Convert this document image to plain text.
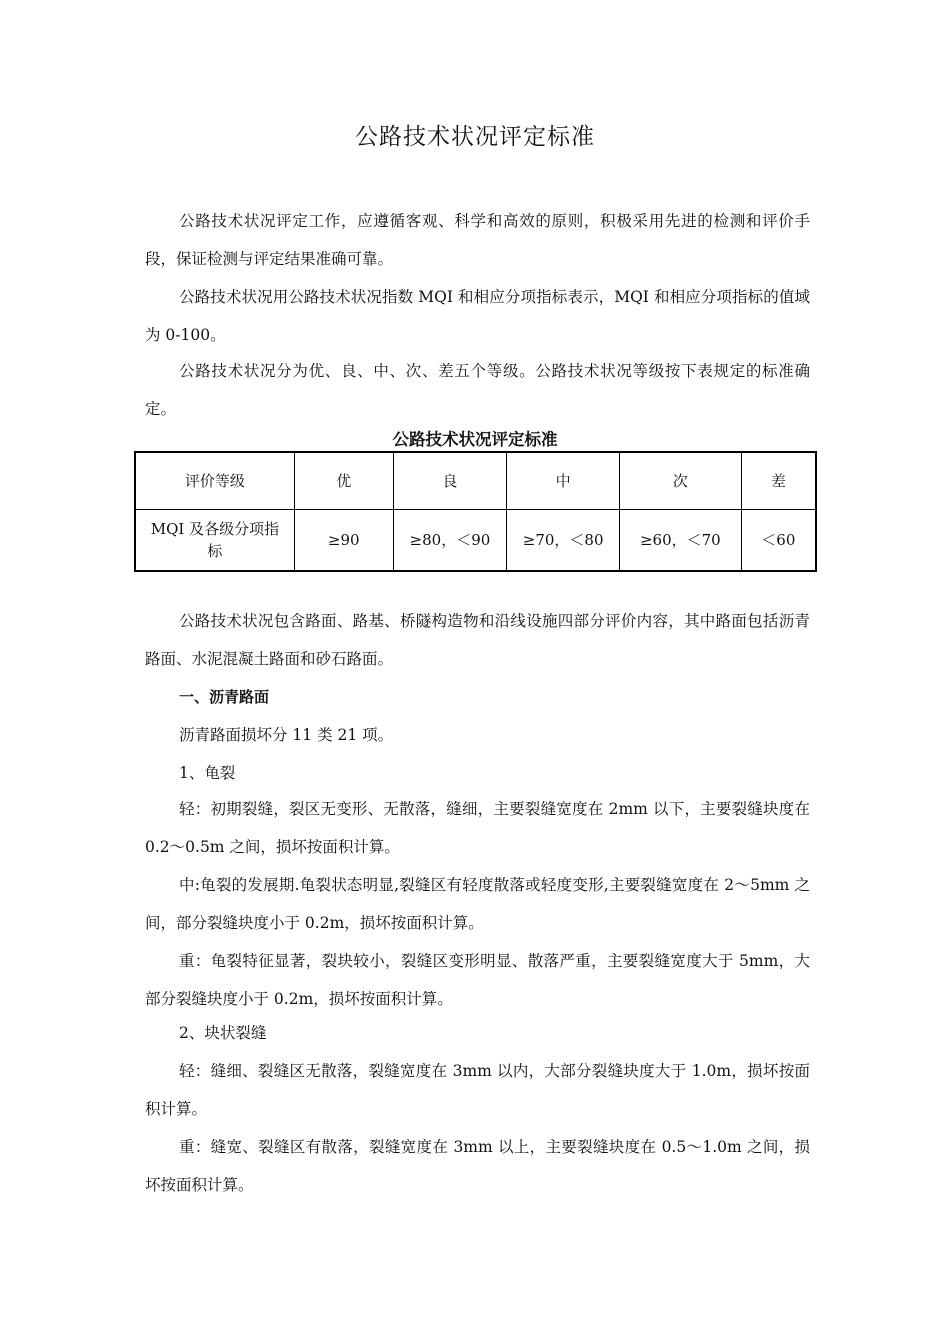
公路技术状况评定标准

公路技术状况评定工作，应遵循客观、科学和高效的原则，积极采用先进的检测和评价手段，保证检测与评定结果准确可靠。

公路技术状况用公路技术状况指数 MQI 和相应分项指标表示，MQI 和相应分项指标的值域为 0-100。

公路技术状况分为优、良、中、次、差五个等级。公路技术状况等级按下表规定的标准确定。

公路技术状况评定标准

评价等级	优	良	中	次	差
MQI 及各级分项指标	≥90	≥80，＜90	≥70，＜80	≥60，＜70	＜60

公路技术状况包含路面、路基、桥隧构造物和沿线设施四部分评价内容，其中路面包括沥青路面、水泥混凝土路面和砂石路面。

一、沥青路面

沥青路面损坏分 11 类 21 项。

1、龟裂

轻：初期裂缝，裂区无变形、无散落，缝细，主要裂缝宽度在 2mm 以下，主要裂缝块度在 0.2～0.5m 之间，损坏按面积计算。

中:龟裂的发展期.龟裂状态明显,裂缝区有轻度散落或轻度变形,主要裂缝宽度在 2～5mm 之间，部分裂缝块度小于 0.2m，损坏按面积计算。

重：龟裂特征显著，裂块较小，裂缝区变形明显、散落严重，主要裂缝宽度大于 5mm，大部分裂缝块度小于 0.2m，损坏按面积计算。

2、块状裂缝

轻：缝细、裂缝区无散落，裂缝宽度在 3mm 以内，大部分裂缝块度大于 1.0m，损坏按面积计算。

重：缝宽、裂缝区有散落，裂缝宽度在 3mm 以上，主要裂缝块度在 0.5～1.0m 之间，损坏按面积计算。
